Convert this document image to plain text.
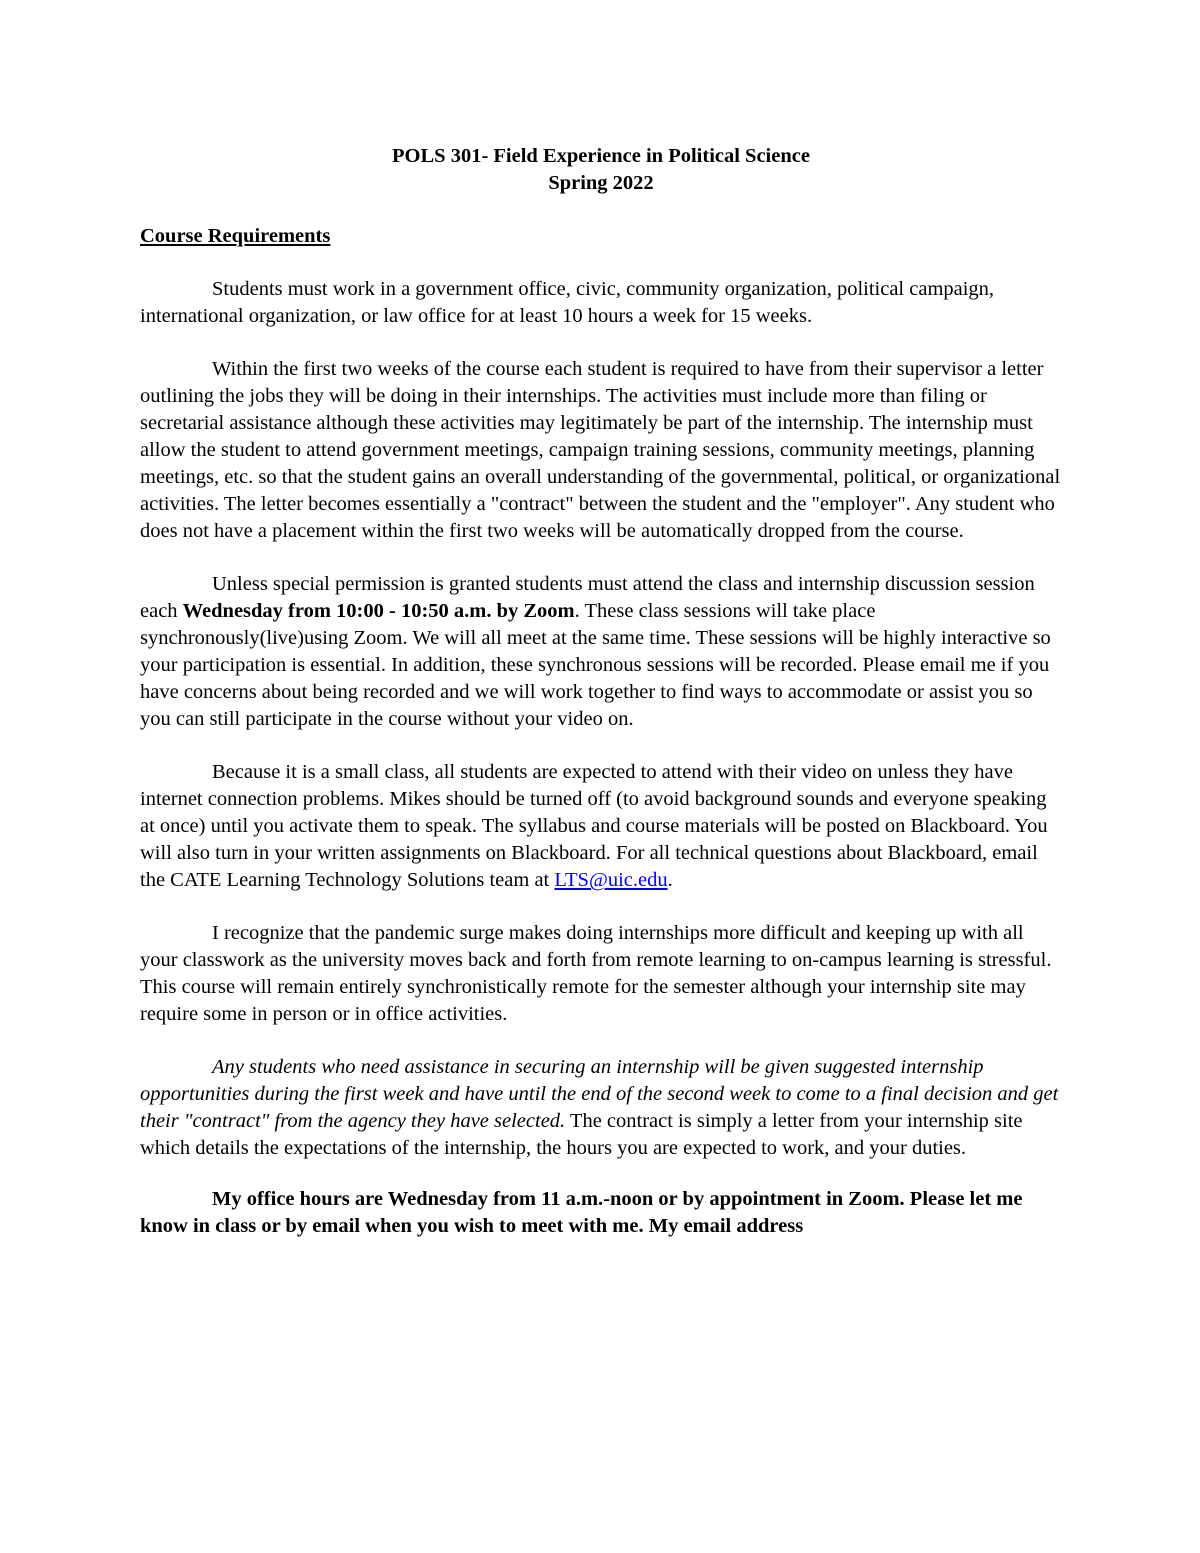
POLS 301- Field Experience in Political Science

Spring 2022

Course Requirements

Students must work in a government office, civic, community organization, political campaign, international organization, or law office for at least 10 hours a week for 15 weeks.

Within the first two weeks of the course each student is required to have from their supervisor a letter outlining the jobs they will be doing in their internships. The activities must include more than filing or secretarial assistance although these activities may legitimately be part of the internship. The internship must allow the student to attend government meetings, campaign training sessions, community meetings, planning meetings, etc. so that the student gains an overall understanding of the governmental, political, or organizational activities. The letter becomes essentially a "contract" between the student and the "employer". Any student who does not have a placement within the first two weeks will be automatically dropped from the course.

Unless special permission is granted students must attend the class and internship discussion session each Wednesday from 10:00 - 10:50 a.m. by Zoom. These class sessions will take place synchronously(live)using Zoom. We will all meet at the same time. These sessions will be highly interactive so your participation is essential. In addition, these synchronous sessions will be recorded. Please email me if you have concerns about being recorded and we will work together to find ways to accommodate or assist you so you can still participate in the course without your video on.

Because it is a small class, all students are expected to attend with their video on unless they have internet connection problems. Mikes should be turned off (to avoid background sounds and everyone speaking at once) until you activate them to speak. The syllabus and course materials will be posted on Blackboard. You will also turn in your written assignments on Blackboard. For all technical questions about Blackboard, email the CATE Learning Technology Solutions team at LTS@uic.edu.

I recognize that the pandemic surge makes doing internships more difficult and keeping up with all your classwork as the university moves back and forth from remote learning to on-campus learning is stressful. This course will remain entirely synchronistically remote for the semester although your internship site may require some in person or in office activities.

Any students who need assistance in securing an internship will be given suggested internship opportunities during the first week and have until the end of the second week to come to a final decision and get their "contract" from the agency they have selected. The contract is simply a letter from your internship site which details the expectations of the internship, the hours you are expected to work, and your duties.

My office hours are Wednesday from 11 a.m.-noon or by appointment in Zoom. Please let me know in class or by email when you wish to meet with me. My email address
